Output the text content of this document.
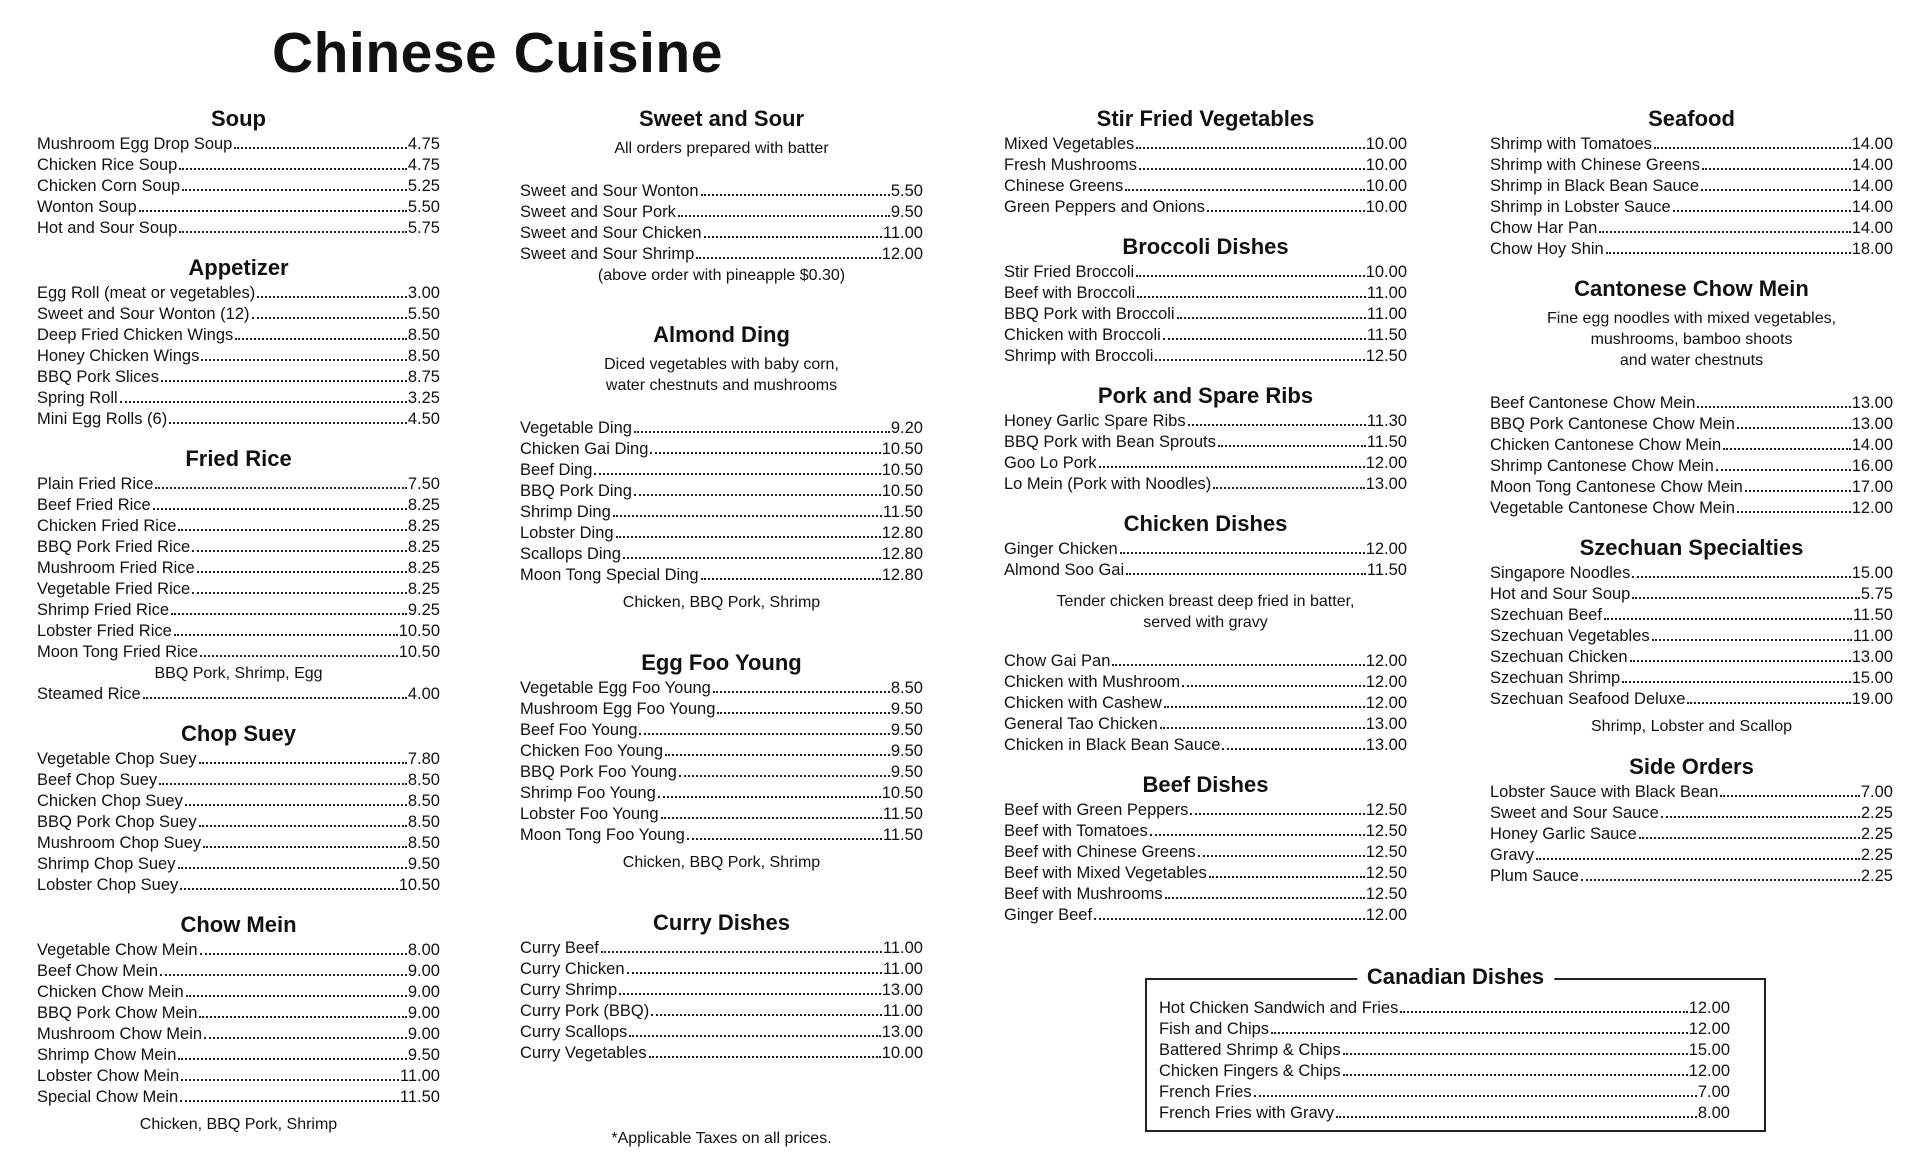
Chinese Cuisine
Soup
Mushroom Egg Drop Soup	4.75
Chicken Rice Soup	4.75
Chicken Corn Soup	5.25
Wonton Soup	5.50
Hot and Sour Soup	5.75
Appetizer
Egg Roll (meat or vegetables)	3.00
Sweet and Sour Wonton (12)	5.50
Deep Fried Chicken Wings	8.50
Honey Chicken Wings	8.50
BBQ Pork Slices	8.75
Spring Roll	3.25
Mini Egg Rolls (6)	4.50
Fried Rice
Plain Fried Rice	7.50
Beef Fried Rice	8.25
Chicken Fried Rice	8.25
BBQ Pork Fried Rice	8.25
Mushroom Fried Rice	8.25
Vegetable Fried Rice	8.25
Shrimp Fried Rice	9.25
Lobster Fried Rice	10.50
Moon Tong Fried Rice	10.50

BBQ Pork, Shrimp, Egg

Steamed Rice	4.00
Chop Suey
Vegetable Chop Suey	7.80
Beef Chop Suey	8.50
Chicken Chop Suey	8.50
BBQ Pork Chop Suey	8.50
Mushroom Chop Suey	8.50
Shrimp Chop Suey	9.50
Lobster Chop Suey	10.50
Chow Mein
Vegetable Chow Mein	8.00
Beef Chow Mein	9.00
Chicken Chow Mein	9.00
BBQ Pork Chow Mein	9.00
Mushroom Chow Mein	9.00
Shrimp Chow Mein	9.50
Lobster Chow Mein	11.00
Special Chow Mein	11.50

Chicken, BBQ Pork, Shrimp

Sweet and Sour

All orders prepared with batter

Sweet and Sour Wonton	5.50
Sweet and Sour Pork	9.50
Sweet and Sour Chicken	11.00
Sweet and Sour Shrimp	12.00

(above order with pineapple $0.30)

Almond Ding

Diced vegetables with baby corn,
water chestnuts and mushrooms

Vegetable Ding	9.20
Chicken Gai Ding	10.50
Beef Ding	10.50
BBQ Pork Ding	10.50
Shrimp Ding	11.50
Lobster Ding	12.80
Scallops Ding	12.80
Moon Tong Special Ding	12.80

Chicken, BBQ Pork, Shrimp

Egg Foo Young
Vegetable Egg Foo Young	8.50
Mushroom Egg Foo Young	9.50
Beef Foo Young	9.50
Chicken Foo Young	9.50
BBQ Pork Foo Young	9.50
Shrimp Foo Young	10.50
Lobster Foo Young	11.50
Moon Tong Foo Young	11.50

Chicken, BBQ Pork, Shrimp

Curry Dishes
Curry Beef	11.00
Curry Chicken	11.00
Curry Shrimp	13.00
Curry Pork (BBQ)	11.00
Curry Scallops	13.00
Curry Vegetables	10.00
Stir Fried Vegetables
Mixed Vegetables	10.00
Fresh Mushrooms	10.00
Chinese Greens	10.00
Green Peppers and Onions	10.00
Broccoli Dishes
Stir Fried Broccoli	10.00
Beef with Broccoli	11.00
BBQ Pork with Broccoli	11.00
Chicken with Broccoli	11.50
Shrimp with Broccoli	12.50
Pork and Spare Ribs
Honey Garlic Spare Ribs	11.30
BBQ Pork with Bean Sprouts	11.50
Goo Lo Pork	12.00
Lo Mein (Pork with Noodles)	13.00
Chicken Dishes
Ginger Chicken	12.00
Almond Soo Gai	11.50

Tender chicken breast deep fried in batter,
served with gravy

Chow Gai Pan	12.00
Chicken with Mushroom	12.00
Chicken with Cashew	12.00
General Tao Chicken	13.00
Chicken in Black Bean Sauce	13.00
Beef Dishes
Beef with Green Peppers	12.50
Beef with Tomatoes	12.50
Beef with Chinese Greens	12.50
Beef with Mixed Vegetables	12.50
Beef with Mushrooms	12.50
Ginger Beef	12.00
Seafood
Shrimp with Tomatoes	14.00
Shrimp with Chinese Greens	14.00
Shrimp in Black Bean Sauce	14.00
Shrimp in Lobster Sauce	14.00
Chow Har Pan	14.00
Chow Hoy Shin	18.00
Cantonese Chow Mein

Fine egg noodles with mixed vegetables,
mushrooms, bamboo shoots
and water chestnuts

Beef Cantonese Chow Mein	13.00
BBQ Pork Cantonese Chow Mein	13.00
Chicken Cantonese Chow Mein	14.00
Shrimp Cantonese Chow Mein	16.00
Moon Tong Cantonese Chow Mein	17.00
Vegetable Cantonese Chow Mein	12.00
Szechuan Specialties
Singapore Noodles	15.00
Hot and Sour Soup	5.75
Szechuan Beef	11.50
Szechuan Vegetables	11.00
Szechuan Chicken	13.00
Szechuan Shrimp	15.00
Szechuan Seafood Deluxe	19.00

Shrimp, Lobster and Scallop

Side Orders
Lobster Sauce with Black Bean	7.00
Sweet and Sour Sauce	2.25
Honey Garlic Sauce	2.25
Gravy	2.25
Plum Sauce	2.25
Canadian Dishes
Hot Chicken Sandwich and Fries	12.00
Fish and Chips	12.00
Battered Shrimp & Chips	15.00
Chicken Fingers & Chips	12.00
French Fries	7.00
French Fries with Gravy	8.00
*Applicable Taxes on all prices.
